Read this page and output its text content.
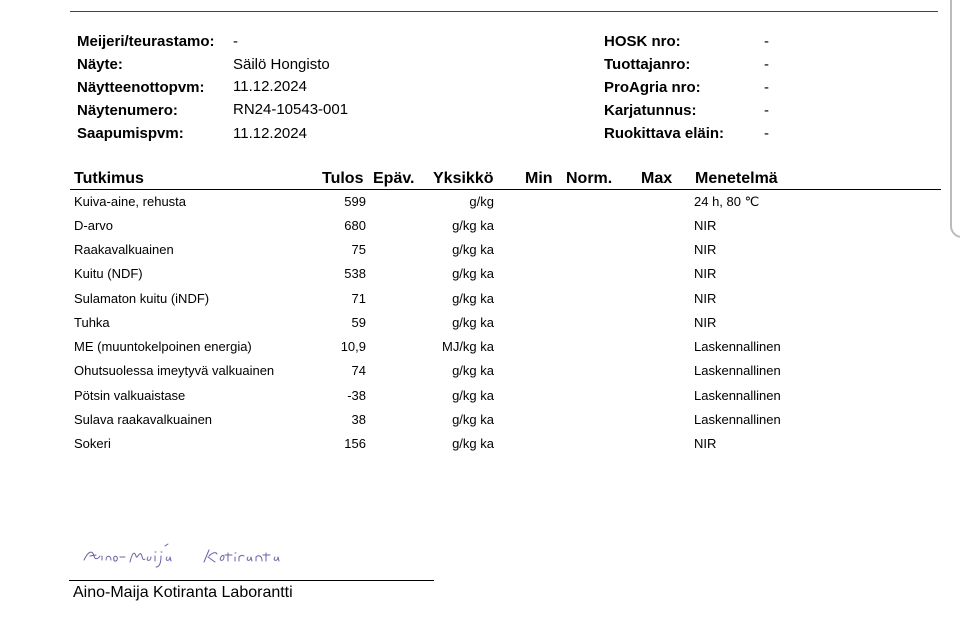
Meijeri/teurastamo: -
Näyte:	Säilö Hongisto
Näytteenottopvm: 11.12.2024
Näytenumero:	RN24-10543-001
Saapumispvm:	11.12.2024
HOSK nro:	-
Tuottajanro:	-
ProAgria nro:	-
Karjatunnus:	-
Ruokittava eläin:	-
Tutkimus	Tulos Epäv. Yksikkö Min Norm. Max Menetelmä
Kuiva-aine, rehusta	599	g/kg	24 h, 80 ℃
D-arvo	680	g/kg ka	NIR
Raakavalkuainen	75	g/kg ka	NIR
Kuitu (NDF)	538	g/kg ka	NIR
Sulamaton kuitu (iNDF)	71	g/kg ka	NIR
Tuhka	59	g/kg ka	NIR
ME (muuntokelpoinen energia)	10,9	MJ/kg ka	Laskennallinen
Ohutsuolessa imeytyvä valkuainen	74	g/kg ka	Laskennallinen
Pötsin valkuaistase	-38	g/kg ka	Laskennallinen
Sulava raakavalkuainen	38	g/kg ka	Laskennallinen
Sokeri	156	g/kg ka	NIR
Aino-Maija Kotiranta Laborantti
